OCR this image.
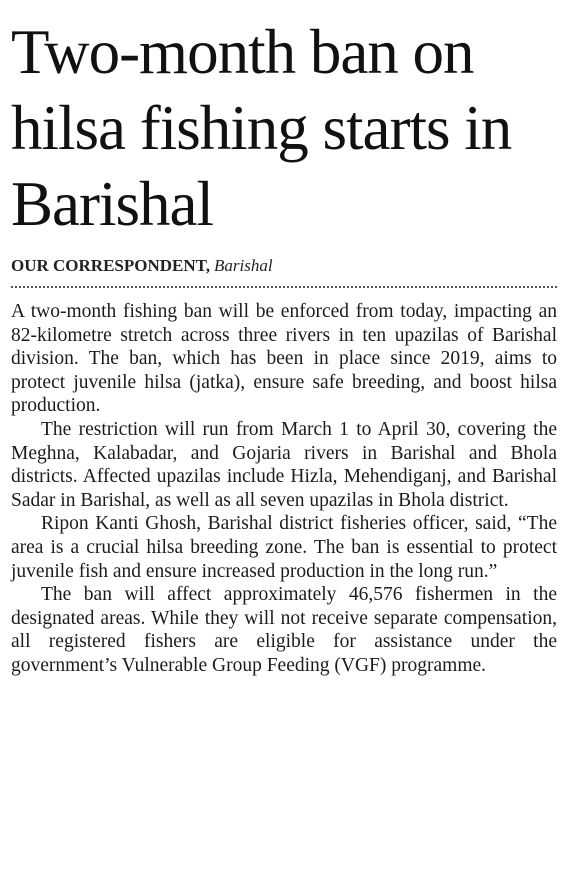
Two-month ban on hilsa fishing starts in Barishal
OUR CORRESPONDENT, Barishal

A two-month fishing ban will be enforced from today, impacting an 82-kilometre stretch across three rivers in ten upazilas of Barishal division. The ban, which has been in place since 2019, aims to protect juvenile hilsa (jatka), ensure safe breeding, and boost hilsa production.

The restriction will run from March 1 to April 30, covering the Meghna, Kalabadar, and Gojaria rivers in Barishal and Bhola districts. Affected upazilas include Hizla, Mehendiganj, and Barishal Sadar in Barishal, as well as all seven upazilas in Bhola district.

Ripon Kanti Ghosh, Barishal district fisheries officer, said, “The area is a crucial hilsa breeding zone. The ban is essential to protect juvenile fish and ensure increased production in the long run.”

The ban will affect approximately 46,576 fishermen in the designated areas. While they will not receive separate compensation, all registered fishers are eligible for assistance under the government’s Vulnerable Group Feeding (VGF) programme.
